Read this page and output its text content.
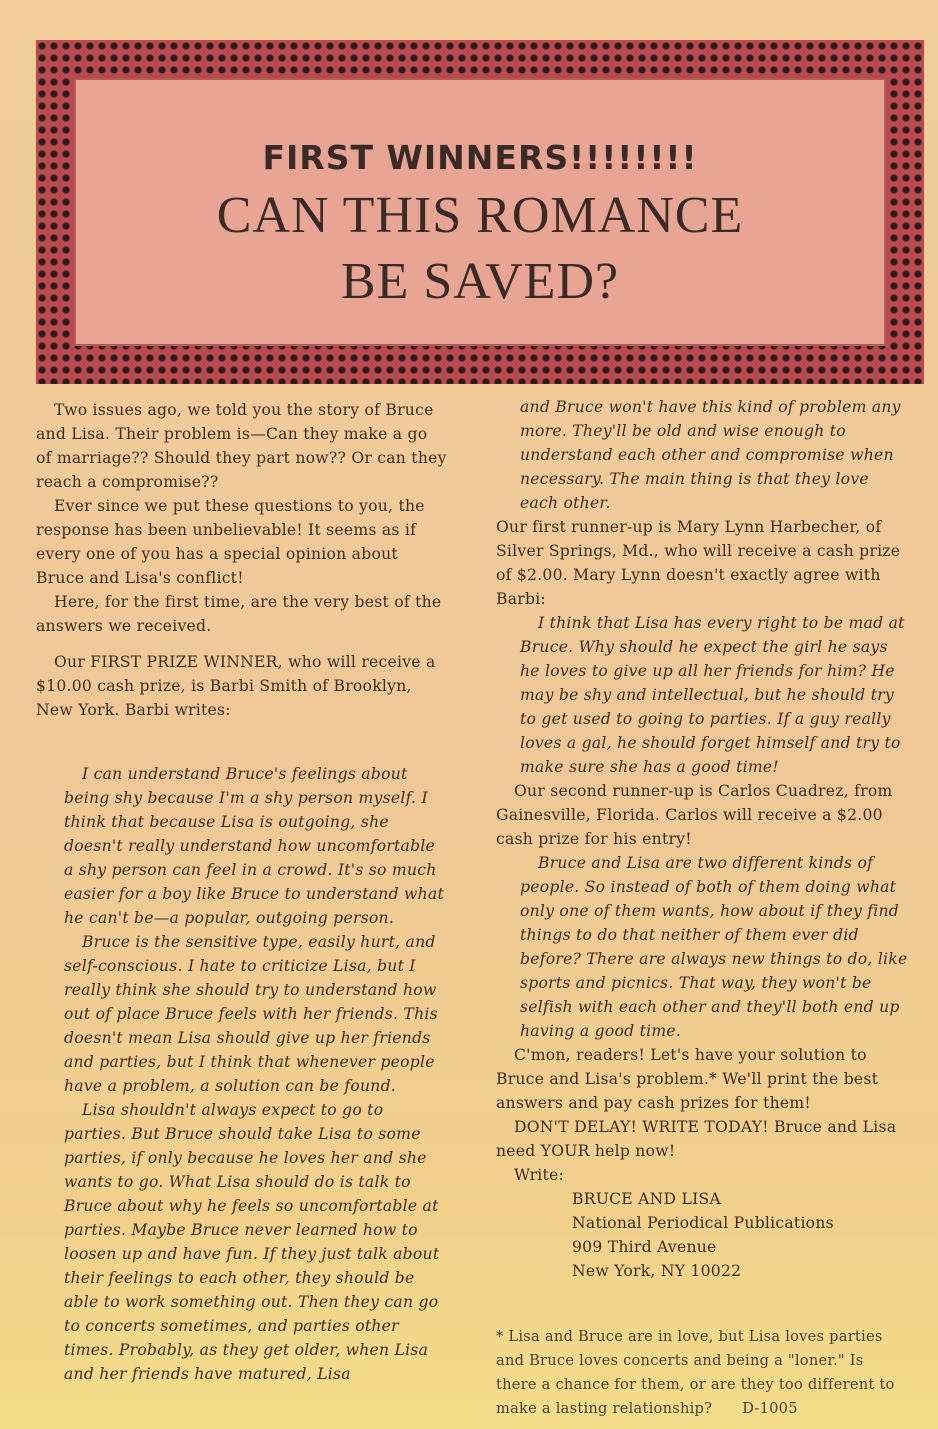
FIRST WINNERS!!!!!!!!
CAN THIS ROMANCE
BE SAVED?

Two issues ago, we told you the story of Bruce and Lisa. Their problem is—Can they make a go of marriage?? Should they part now?? Or can they reach a compromise??

Ever since we put these questions to you, the response has been unbelievable! It seems as if every one of you has a special opinion about Bruce and Lisa's conflict!

Here, for the first time, are the very best of the answers we received.

Our FIRST PRIZE WINNER, who will receive a $10.00 cash prize, is Barbi Smith of Brooklyn, New York. Barbi writes:

I can understand Bruce's feelings about being shy because I'm a shy person myself. I think that because Lisa is outgoing, she doesn't really understand how uncomfortable a shy person can feel in a crowd. It's so much easier for a boy like Bruce to understand what he can't be—a popular, outgoing person.

Bruce is the sensitive type, easily hurt, and self-conscious. I hate to criticize Lisa, but I really think she should try to understand how out of place Bruce feels with her friends. This doesn't mean Lisa should give up her friends and parties, but I think that whenever people have a problem, a solution can be found.

Lisa shouldn't always expect to go to parties. But Bruce should take Lisa to some parties, if only because he loves her and she wants to go. What Lisa should do is talk to Bruce about why he feels so uncomfortable at parties. Maybe Bruce never learned how to loosen up and have fun. If they just talk about their feelings to each other, they should be able to work something out. Then they can go to concerts sometimes, and parties other times. Probably, as they get older, when Lisa and her friends have matured, Lisa

and Bruce won't have this kind of problem any more. They'll be old and wise enough to understand each other and compromise when necessary. The main thing is that they love each other.

Our first runner-up is Mary Lynn Harbecher, of Silver Springs, Md., who will receive a cash prize of $2.00. Mary Lynn doesn't exactly agree with Barbi:

I think that Lisa has every right to be mad at Bruce. Why should he expect the girl he says he loves to give up all her friends for him? He may be shy and intellectual, but he should try to get used to going to parties. If a guy really loves a gal, he should forget himself and try to make sure she has a good time!

Our second runner-up is Carlos Cuadrez, from Gainesville, Florida. Carlos will receive a $2.00 cash prize for his entry!

Bruce and Lisa are two different kinds of people. So instead of both of them doing what only one of them wants, how about if they find things to do that neither of them ever did before? There are always new things to do, like sports and picnics. That way, they won't be selfish with each other and they'll both end up having a good time.

C'mon, readers! Let's have your solution to Bruce and Lisa's problem.* We'll print the best answers and pay cash prizes for them!

DON'T DELAY! WRITE TODAY! Bruce and Lisa need YOUR help now!

Write:

BRUCE AND LISA
National Periodical Publications
909 Third Avenue
New York, NY 10022

* Lisa and Bruce are in love, but Lisa loves parties and Bruce loves concerts and being a "loner." Is there a chance for them, or are they too different to make a lasting relationship? D-1005
